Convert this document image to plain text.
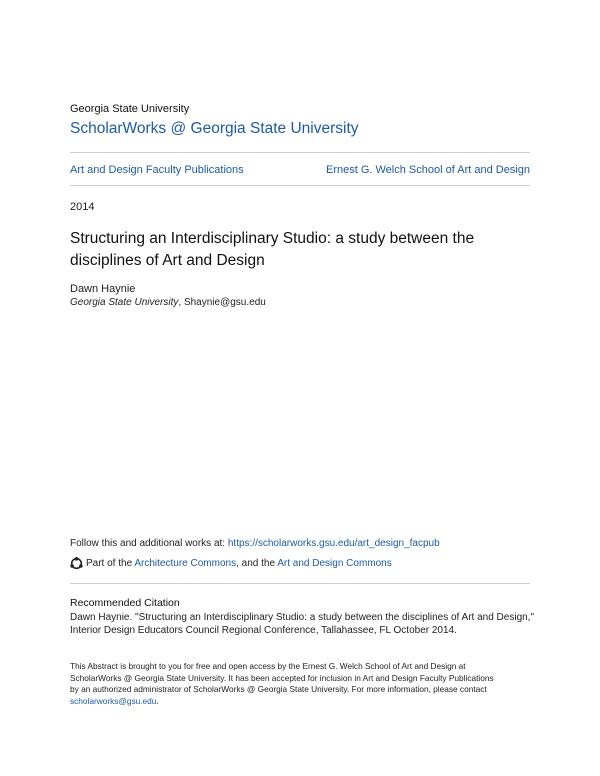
Georgia State University
ScholarWorks @ Georgia State University
Art and Design Faculty Publications	Ernest G. Welch School of Art and Design
2014
Structuring an Interdisciplinary Studio: a study between the disciplines of Art and Design
Dawn Haynie
Georgia State University, Shaynie@gsu.edu
Follow this and additional works at: https://scholarworks.gsu.edu/art_design_facpub
Part of the Architecture Commons, and the Art and Design Commons
Recommended Citation
Dawn Haynie. "Structuring an Interdisciplinary Studio: a study between the disciplines of Art and Design,"
Interior Design Educators Council Regional Conference, Tallahassee, FL October 2014.
This Abstract is brought to you for free and open access by the Ernest G. Welch School of Art and Design at
ScholarWorks @ Georgia State University. It has been accepted for inclusion in Art and Design Faculty Publications
by an authorized administrator of ScholarWorks @ Georgia State University. For more information, please contact
scholarworks@gsu.edu.
